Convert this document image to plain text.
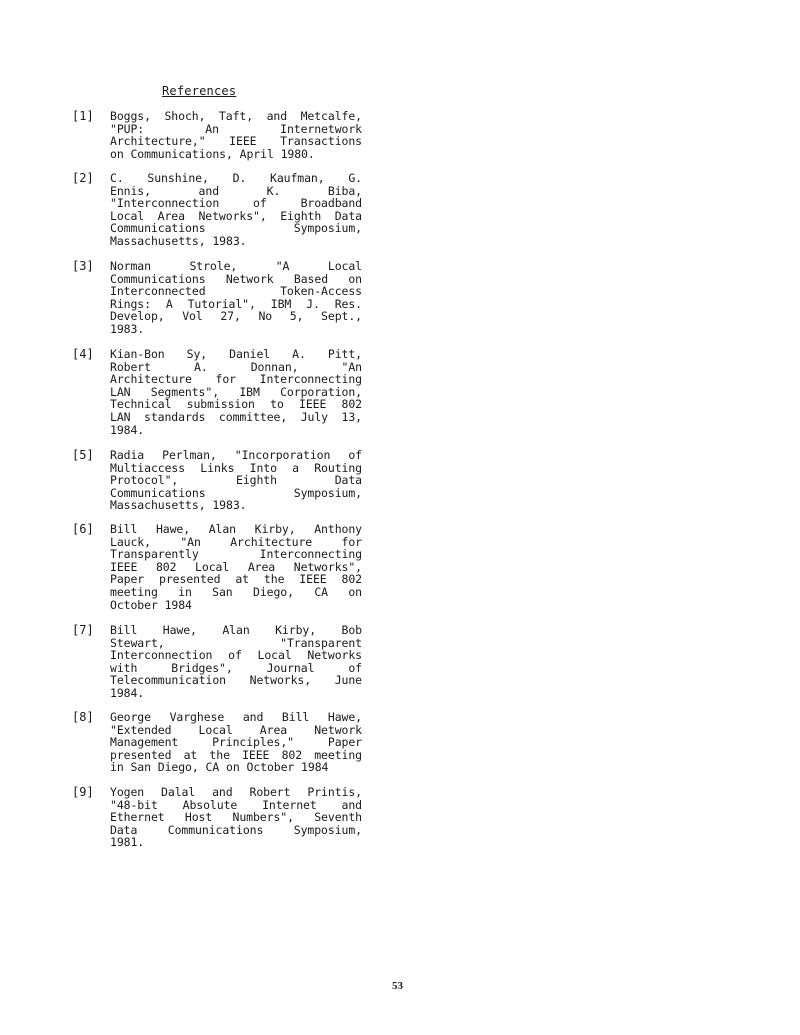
References
[1]	Boggs, Shoch, Taft, and Metcalfe,
"PUP: An Internetwork
Architecture," IEEE Transactions
on Communications, April 1980.
[2]	C. Sunshine, D. Kaufman, G.
Ennis, and K. Biba,
"Interconnection of Broadband
Local Area Networks", Eighth Data
Communications Symposium,
Massachusetts, 1983.
[3]	Norman Strole, "A Local
Communications Network Based on
Interconnected Token-Access
Rings: A Tutorial", IBM J. Res.
Develop, Vol 27, No 5, Sept.,
1983.
[4]	Kian-Bon Sy, Daniel A. Pitt,
Robert A. Donnan, "An
Architecture for Interconnecting
LAN Segments", IBM Corporation,
Technical submission to IEEE 802
LAN standards committee, July 13,
1984.
[5]	Radia Perlman, "Incorporation of
Multiaccess Links Into a Routing
Protocol", Eighth Data
Communications Symposium,
Massachusetts, 1983.
[6]	Bill Hawe, Alan Kirby, Anthony
Lauck, "An Architecture for
Transparently Interconnecting
IEEE 802 Local Area Networks",
Paper presented at the IEEE 802
meeting in San Diego, CA on
October 1984
[7]	Bill Hawe, Alan Kirby, Bob
Stewart, "Transparent
Interconnection of Local Networks
with Bridges", Journal of
Telecommunication Networks, June
1984.
[8]	George Varghese and Bill Hawe,
"Extended Local Area Network
Management Principles," Paper
presented at the IEEE 802 meeting
in San Diego, CA on October 1984
[9]	Yogen Dalal and Robert Printis,
"48-bit Absolute Internet and
Ethernet Host Numbers", Seventh
Data Communications Symposium,
1981.
53
